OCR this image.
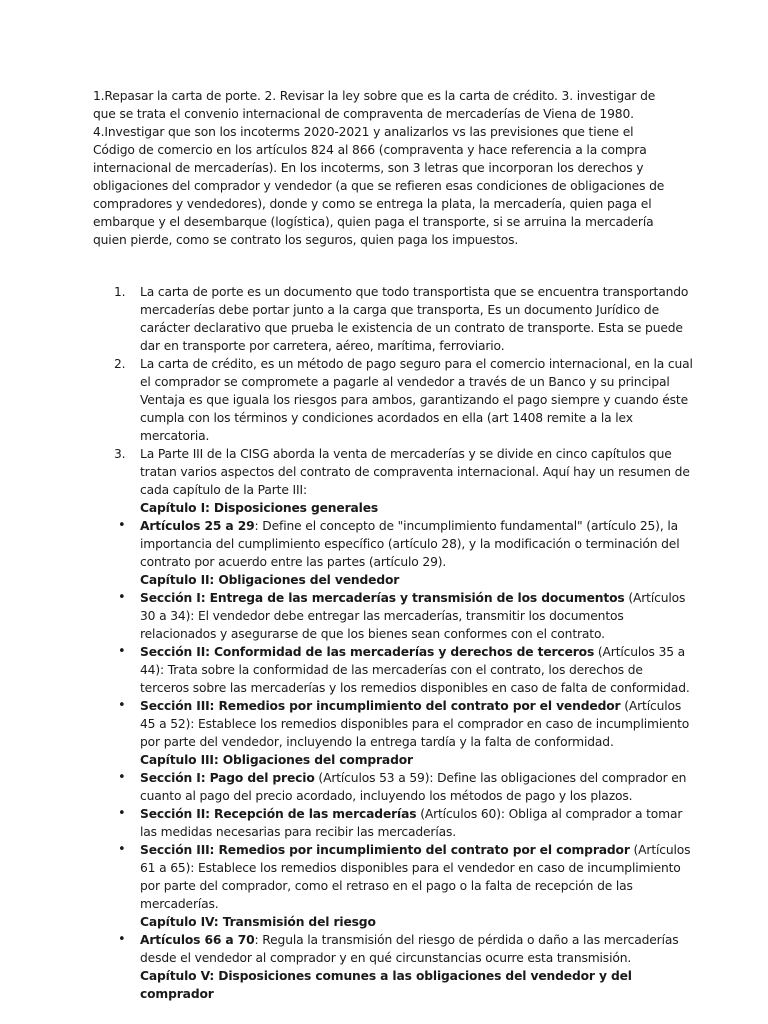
1.Repasar la carta de porte. 2. Revisar la ley sobre que es la carta de crédito. 3. investigar de que se trata el convenio internacional de compraventa de mercaderías de Viena de 1980. 4.Investigar que son los incoterms 2020-2021 y analizarlos vs las previsiones que tiene el Código de comercio en los artículos 824 al 866 (compraventa y hace referencia a la compra internacional de mercaderías). En los incoterms, son 3 letras que incorporan los derechos y obligaciones del comprador y vendedor (a que se refieren esas condiciones de obligaciones de compradores y vendedores), donde y como se entrega la plata, la mercadería, quien paga el embarque y el desembarque (logística), quien paga el transporte, si se arruina la mercadería quien pierde, como se contrato los seguros, quien paga los impuestos.

1. La carta de porte es un documento que todo transportista que se encuentra transportando mercaderías debe portar junto a la carga que transporta, Es un documento Jurídico de carácter declarativo que prueba le existencia de un contrato de transporte. Esta se puede dar en transporte por carretera, aéreo, marítima, ferroviario.
2. La carta de crédito, es un método de pago seguro para el comercio internacional, en la cual el comprador se compromete a pagarle al vendedor a través de un Banco y su principal Ventaja es que iguala los riesgos para ambos, garantizando el pago siempre y cuando éste cumpla con los términos y condiciones acordados en ella (art 1408 remite a la lex mercatoria.
3. La Parte III de la CISG aborda la venta de mercaderías y se divide en cinco capítulos que tratan varios aspectos del contrato de compraventa internacional. Aquí hay un resumen de cada capítulo de la Parte III:
Capítulo I: Disposiciones generales
• Artículos 25 a 29: Define el concepto de "incumplimiento fundamental" (artículo 25), la importancia del cumplimiento específico (artículo 28), y la modificación o terminación del contrato por acuerdo entre las partes (artículo 29).
Capítulo II: Obligaciones del vendedor
• Sección I: Entrega de las mercaderías y transmisión de los documentos (Artículos 30 a 34): El vendedor debe entregar las mercaderías, transmitir los documentos relacionados y asegurarse de que los bienes sean conformes con el contrato.
• Sección II: Conformidad de las mercaderías y derechos de terceros (Artículos 35 a 44): Trata sobre la conformidad de las mercaderías con el contrato, los derechos de terceros sobre las mercaderías y los remedios disponibles en caso de falta de conformidad.
• Sección III: Remedios por incumplimiento del contrato por el vendedor (Artículos 45 a 52): Establece los remedios disponibles para el comprador en caso de incumplimiento por parte del vendedor, incluyendo la entrega tardía y la falta de conformidad.
Capítulo III: Obligaciones del comprador
• Sección I: Pago del precio (Artículos 53 a 59): Define las obligaciones del comprador en cuanto al pago del precio acordado, incluyendo los métodos de pago y los plazos.
• Sección II: Recepción de las mercaderías (Artículos 60): Obliga al comprador a tomar las medidas necesarias para recibir las mercaderías.
• Sección III: Remedios por incumplimiento del contrato por el comprador (Artículos 61 a 65): Establece los remedios disponibles para el vendedor en caso de incumplimiento por parte del comprador, como el retraso en el pago o la falta de recepción de las mercaderías.
Capítulo IV: Transmisión del riesgo
• Artículos 66 a 70: Regula la transmisión del riesgo de pérdida o daño a las mercaderías desde el vendedor al comprador y en qué circunstancias ocurre esta transmisión.
Capítulo V: Disposiciones comunes a las obligaciones del vendedor y del comprador
